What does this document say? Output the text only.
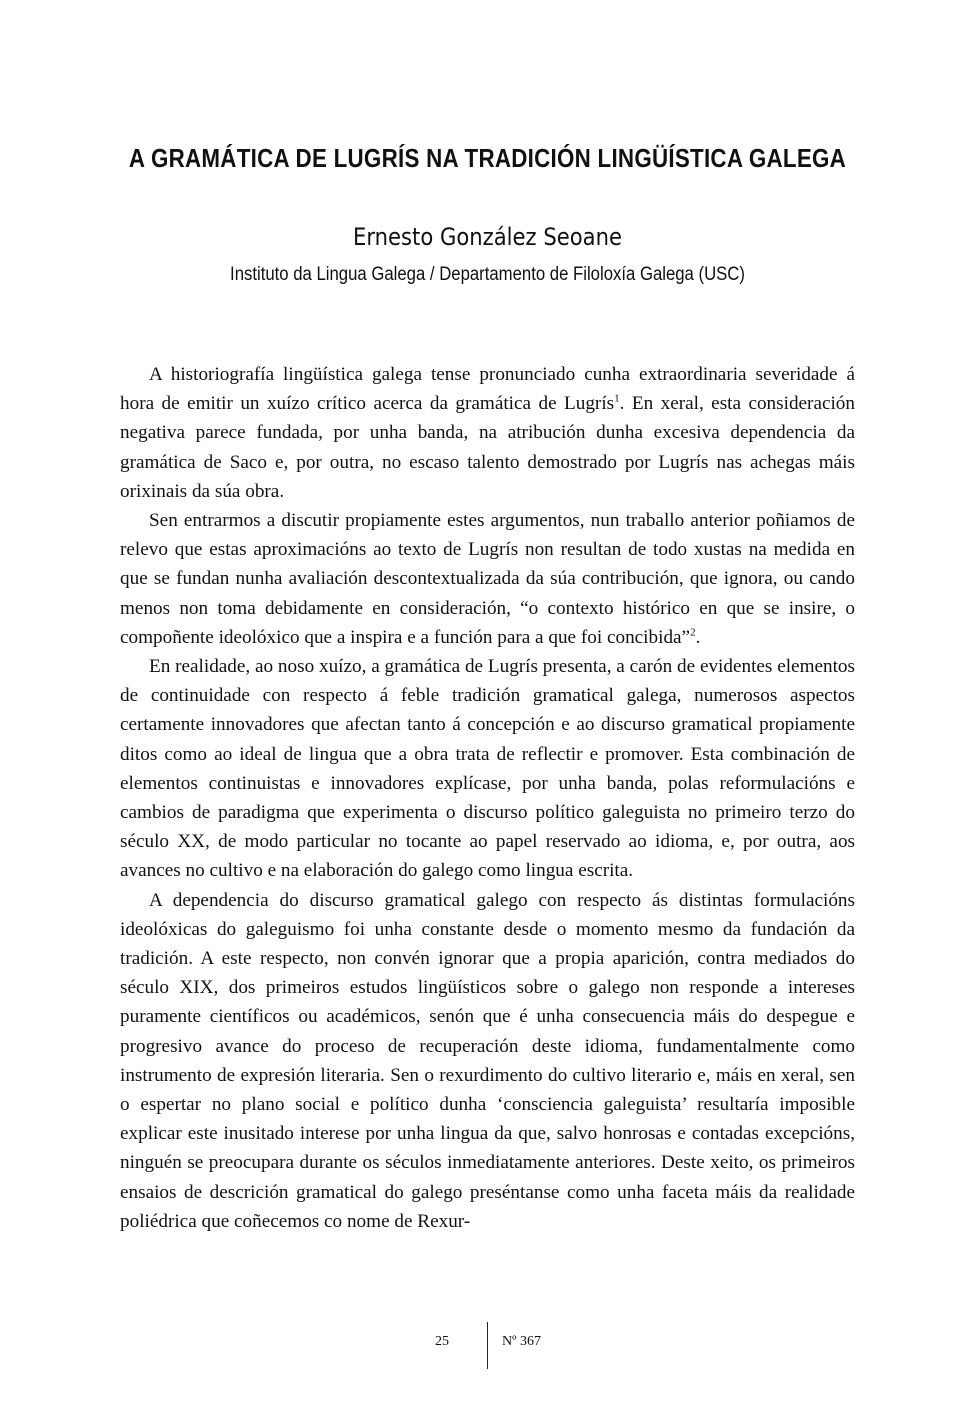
A GRAMÁTICA DE LUGRÍS NA TRADICIÓN LINGÜÍSTICA GALEGA
Ernesto González Seoane
Instituto da Lingua Galega / Departamento de Filoloxía Galega (USC)

A historiografía lingüística galega tense pronunciado cunha extraordinaria severidade á hora de emitir un xuízo crítico acerca da gramática de Lugrís$^1$. En xeral, esta consideración negativa parece fundada, por unha banda, na atribución dunha excesiva dependencia da gramática de Saco e, por outra, no escaso talento demostrado por Lugrís nas achegas máis orixinais da súa obra.

Sen entrarmos a discutir propiamente estes argumentos, nun traballo anterior poñiamos de relevo que estas aproximacións ao texto de Lugrís non resultan de todo xustas na medida en que se fundan nunha avaliación descontextualizada da súa contribución, que ignora, ou cando menos non toma debidamente en consideración, “o contexto histórico en que se insire, o compoñente ideolóxico que a inspira e a función para a que foi concibida”$^2$.

En realidade, ao noso xuízo, a gramática de Lugrís presenta, a carón de evidentes elementos de continuidade con respecto á feble tradición gramatical galega, numerosos aspectos certamente innovadores que afectan tanto á concepción e ao discurso gramatical propiamente ditos como ao ideal de lingua que a obra trata de reflectir e promover. Esta combinación de elementos continuistas e innovadores explícase, por unha banda, polas reformulacións e cambios de paradigma que experimenta o discurso político galeguista no primeiro terzo do século XX, de modo particular no tocante ao papel reservado ao idioma, e, por outra, aos avances no cultivo e na elaboración do galego como lingua escrita.

A dependencia do discurso gramatical galego con respecto ás distintas formulacións ideolóxicas do galeguismo foi unha constante desde o momento mesmo da fundación da tradición. A este respecto, non convén ignorar que a propia aparición, contra mediados do século XIX, dos primeiros estudos lingüísticos sobre o galego non responde a intereses puramente científicos ou académicos, senón que é unha consecuencia máis do despegue e progresivo avance do proceso de recuperación deste idioma, fundamentalmente como instrumento de expresión literaria. Sen o rexurdimento do cultivo literario e, máis en xeral, sen o espertar no plano social e político dunha ‘consciencia galeguista’ resultaría imposible explicar este inusitado interese por unha lingua da que, salvo honrosas e contadas excepcións, ninguén se preocupara durante os séculos inmediatamente anteriores. Deste xeito, os primeiros ensaios de descrición gramatical do galego preséntanse como unha faceta máis da realidade poliédrica que coñecemos co nome de Rexur-

25	Nº 367
